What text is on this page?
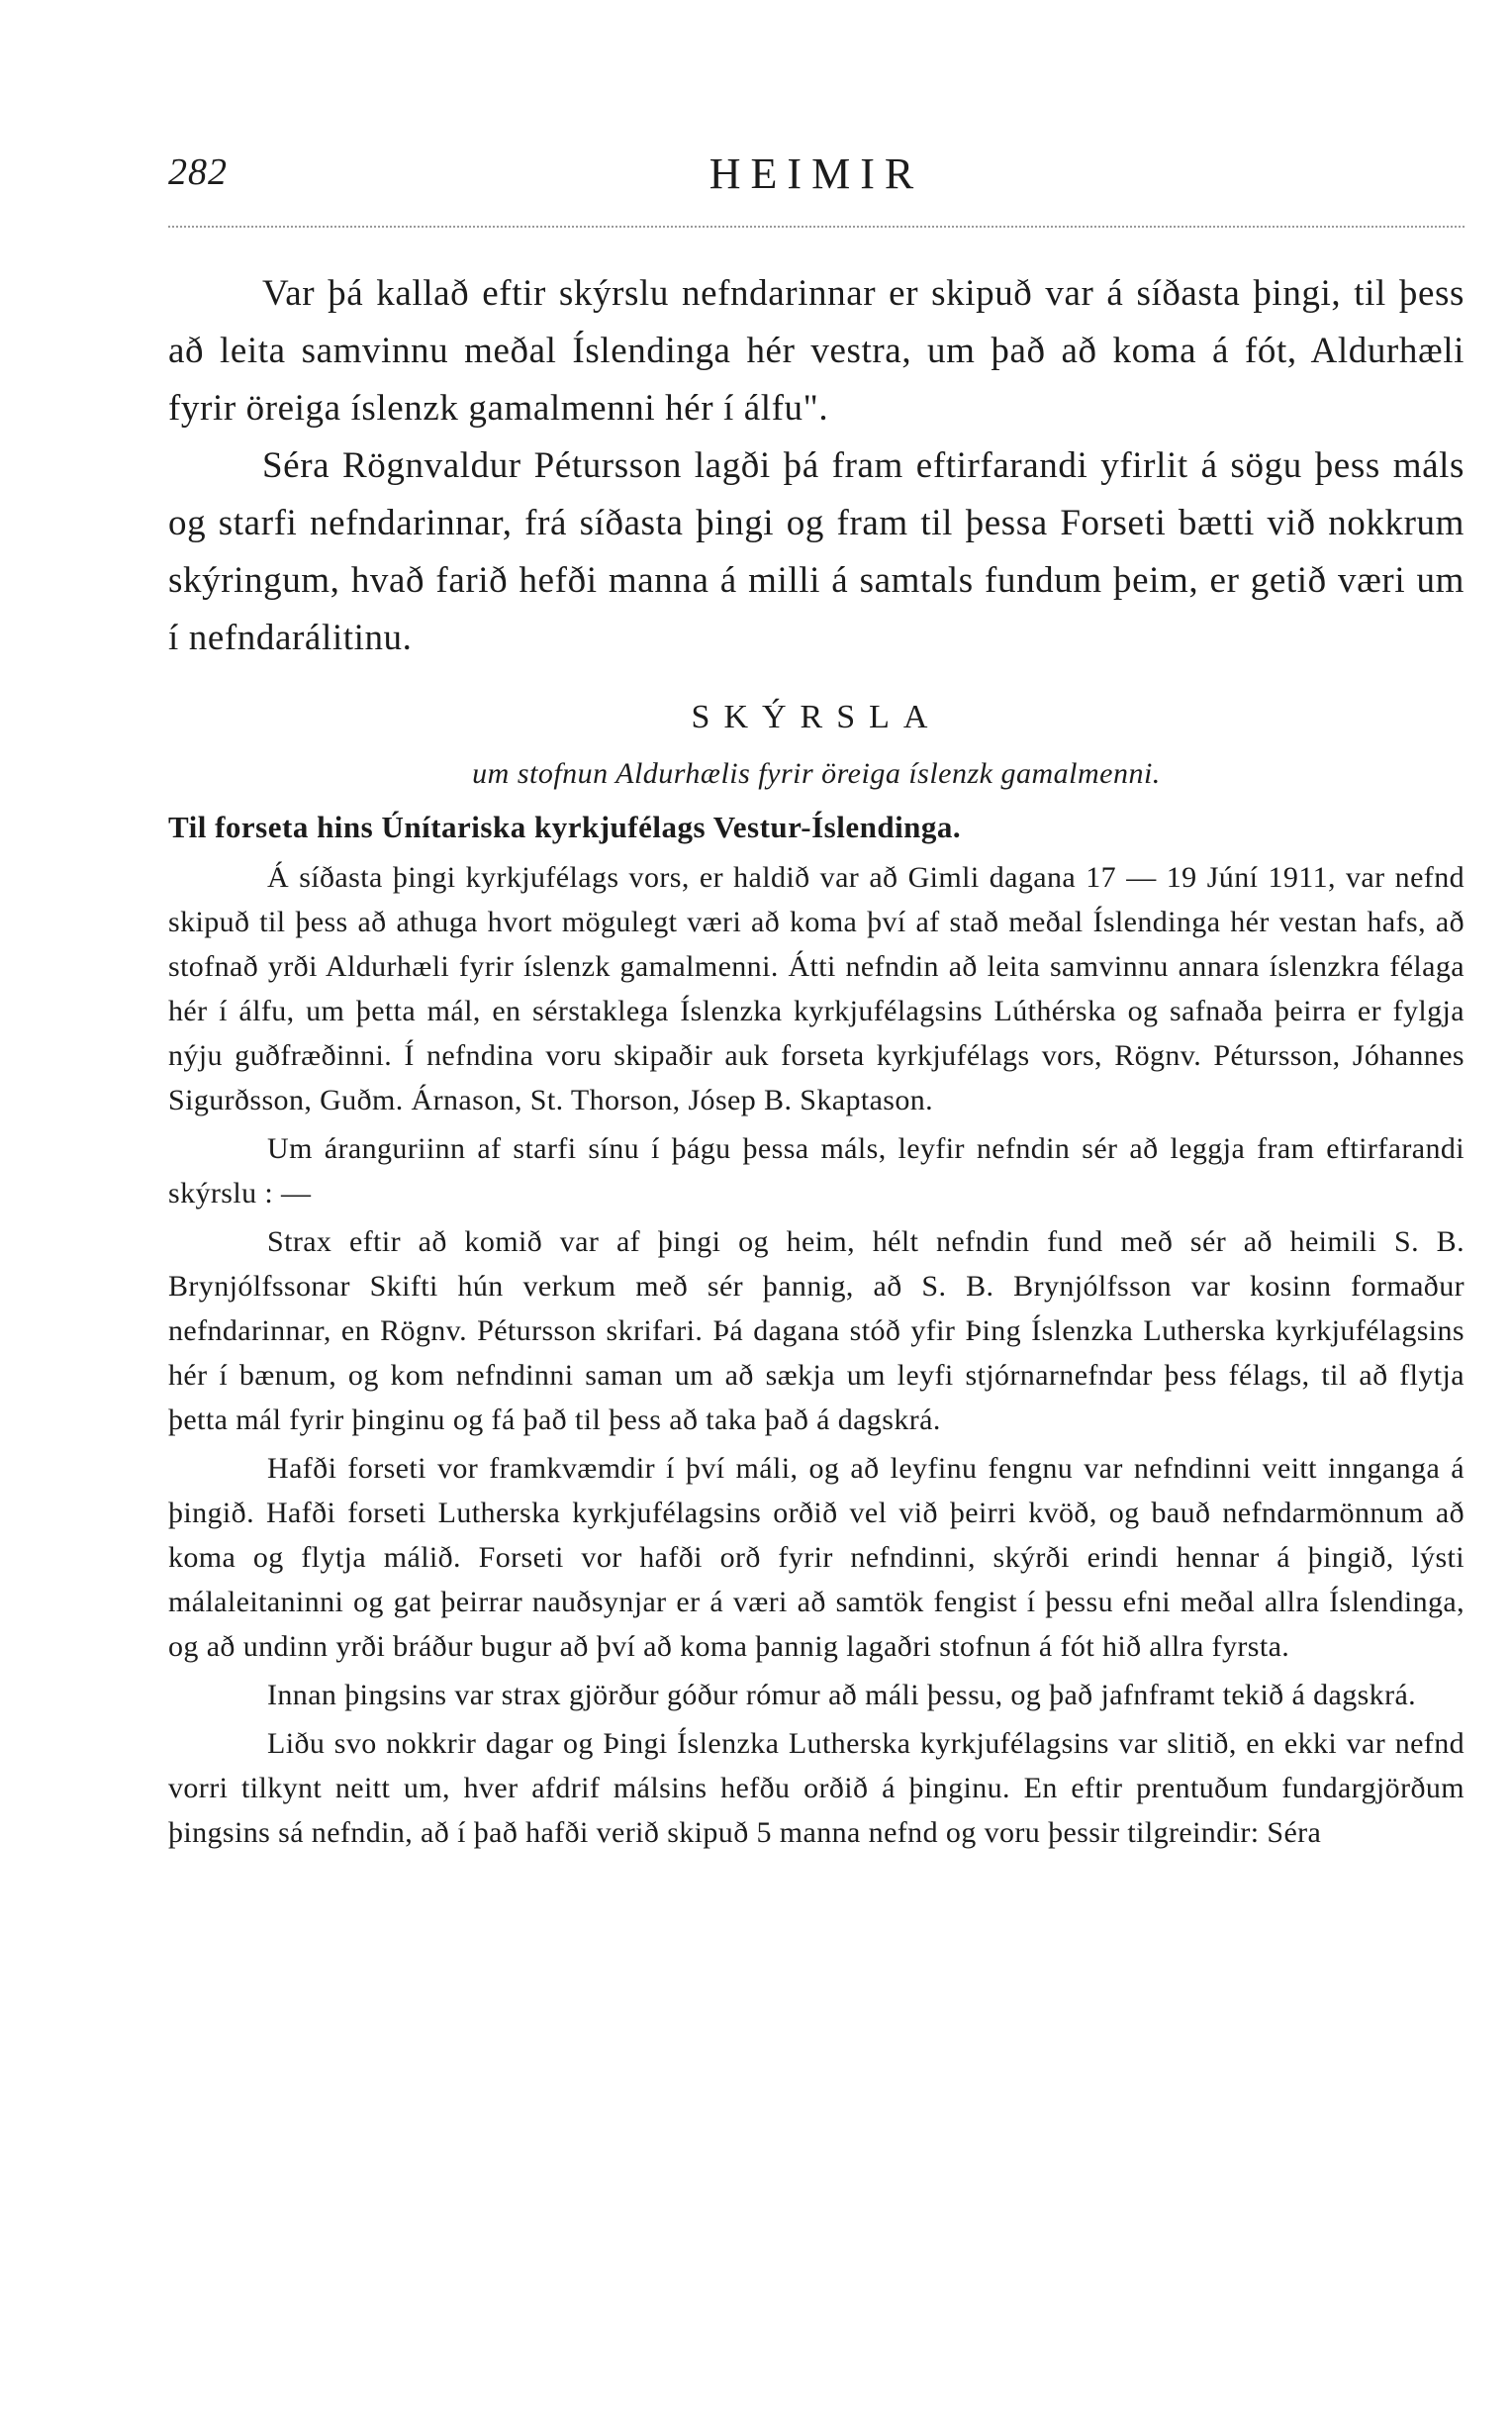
282	HEIMIR

Var þá kallað eftir skýrslu nefndarinnar er skipuð var á síðasta þingi, til þess að leita samvinnu meðal Íslendinga hér vestra, um það að koma á fót, Aldurhæli fyrir öreiga íslenzk gamalmenni hér í álfu".

Séra Rögnvaldur Pétursson lagði þá fram eftirfarandi yfirlit á sögu þess máls og starfi nefndarinnar, frá síðasta þingi og fram til þessa Forseti bætti við nokkrum skýringum, hvað farið hefði manna á milli á samtals fundum þeim, er getið væri um í nefndarálitinu.

SKÝRSLA
um stofnun Aldurhælis fyrir öreiga íslenzk gamalmenni.
Til forseta hins Únítariska kyrkjufélags Vestur-Íslendinga.

Á síðasta þingi kyrkjufélags vors, er haldið var að Gimli dagana 17 — 19 Júní 1911, var nefnd skipuð til þess að athuga hvort mögulegt væri að koma því af stað meðal Íslendinga hér vestan hafs, að stofnað yrði Aldurhæli fyrir íslenzk gamalmenni. Átti nefndin að leita samvinnu annara íslenzkra félaga hér í álfu, um þetta mál, en sérstaklega Íslenzka kyrkjufélagsins Lúthérska og safnaða þeirra er fylgja nýju guðfræðinni. Í nefndina voru skipaðir auk forseta kyrkjufélags vors, Rögnv. Pétursson, Jóhannes Sigurðsson, Guðm. Árnason, St. Thorson, Jósep B. Skaptason.

Um áranguriinn af starfi sínu í þágu þessa máls, leyfir nefndin sér að leggja fram eftirfarandi skýrslu : —

Strax eftir að komið var af þingi og heim, hélt nefndin fund með sér að heimili S. B. Brynjólfssonar Skifti hún verkum með sér þannig, að S. B. Brynjólfsson var kosinn formaður nefndarinnar, en Rögnv. Pétursson skrifari. Þá dagana stóð yfir Þing Íslenzka Lutherska kyrkjufélagsins hér í bænum, og kom nefndinni saman um að sækja um leyfi stjórnarnefndar þess félags, til að flytja þetta mál fyrir þinginu og fá það til þess að taka það á dagskrá.

Hafði forseti vor framkvæmdir í því máli, og að leyfinu fengnu var nefndinni veitt innganga á þingið. Hafði forseti Lutherska kyrkjufélagsins orðið vel við þeirri kvöð, og bauð nefndarmönnum að koma og flytja málið. Forseti vor hafði orð fyrir nefndinni, skýrði erindi hennar á þingið, lýsti málaleitaninni og gat þeirrar nauðsynjar er á væri að samtök fengist í þessu efni meðal allra Íslendinga, og að undinn yrði bráður bugur að því að koma þannig lagaðri stofnun á fót hið allra fyrsta.

Innan þingsins var strax gjörður góður rómur að máli þessu, og það jafnframt tekið á dagskrá.

Liðu svo nokkrir dagar og Þingi Íslenzka Lutherska kyrkjufélagsins var slitið, en ekki var nefnd vorri tilkynt neitt um, hver afdrif málsins hefðu orðið á þinginu. En eftir prentuðum fundargjörðum þingsins sá nefndin, að í það hafði verið skipuð 5 manna nefnd og voru þessir tilgreindir: Séra
